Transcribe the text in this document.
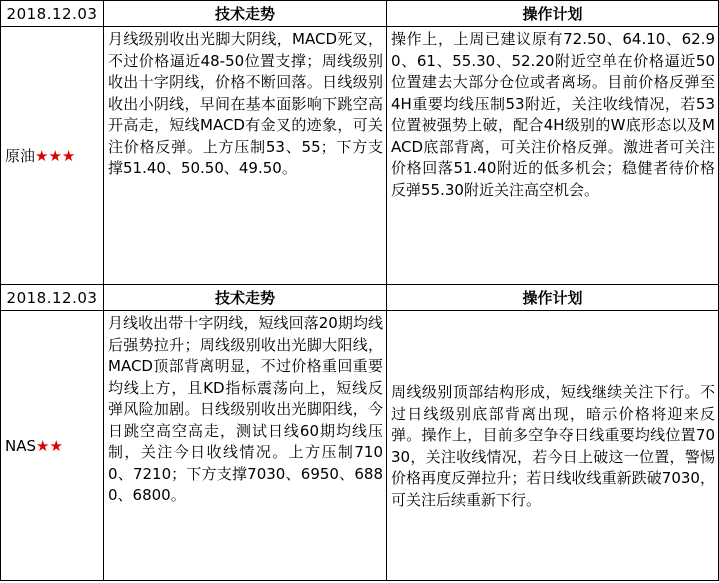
2018.12.03	技术走势	操作计划
原油★★★	月线级别收出光脚大阴线，MACD死叉，不过价格逼近48-50位置支撑；周线级别收出十字阴线，价格不断回落。日线级别收出小阴线，早间在基本面影响下跳空高开高走，短线MACD有金叉的迹象，可关注价格反弹。上方压制53、55；下方支撑51.40、50.50、49.50。	操作上，上周已建议原有72.50、64.10、62.90、61、55.30、52.20附近空单在价格逼近50位置建去大部分仓位或者离场。目前价格反弹至4H重要均线压制53附近，关注收线情况，若53位置被强势上破，配合4H级别的W底形态以及MACD底部背离，可关注价格反弹。激进者可关注价格回落51.40附近的低多机会；稳健者待价格反弹55.30附近关注高空机会。
2018.12.03	技术走势	操作计划
NAS★★	月线收出带十字阴线，短线回落20期均线后强势拉升；周线级别收出光脚大阳线，MACD顶部背离明显，不过价格重回重要均线上方，且KD指标震荡向上，短线反弹风险加剧。日线级别收出光脚阳线，今日跳空高空高走，测试日线60期均线压制，关注今日收线情况。上方压制7100、7210；下方支撑7030、6950、6880、6800。	周线级别顶部结构形成，短线继续关注下行。不过日线级别底部背离出现，暗示价格将迎来反弹。操作上，目前多空争夺日线重要均线位置7030，关注收线情况，若今日上破这一位置，警惕价格再度反弹拉升；若日线收线重新跌破7030，可关注后续重新下行。
